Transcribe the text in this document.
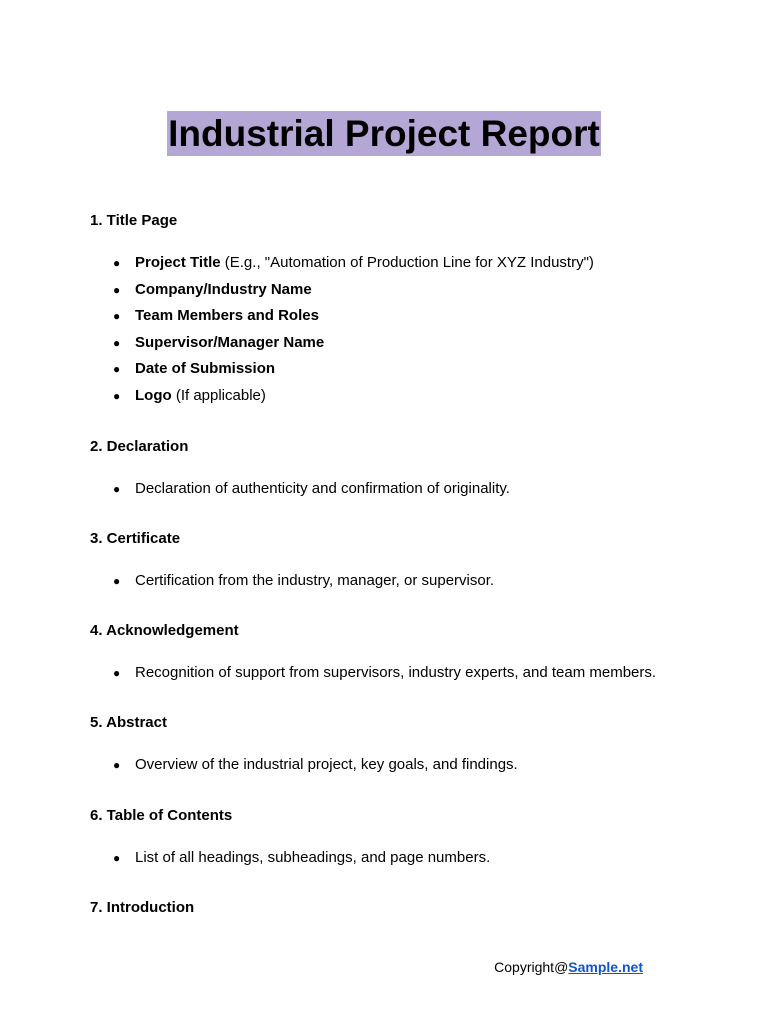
Industrial Project Report

1. Title Page

● Project Title (E.g., "Automation of Production Line for XYZ Industry")
● Company/Industry Name
● Team Members and Roles
● Supervisor/Manager Name
● Date of Submission
● Logo (If applicable)

2. Declaration

● Declaration of authenticity and confirmation of originality.

3. Certificate

● Certification from the industry, manager, or supervisor.

4. Acknowledgement

● Recognition of support from supervisors, industry experts, and team members.

5. Abstract

● Overview of the industrial project, key goals, and findings.

6. Table of Contents

● List of all headings, subheadings, and page numbers.

7. Introduction

Copyright@Sample.net
